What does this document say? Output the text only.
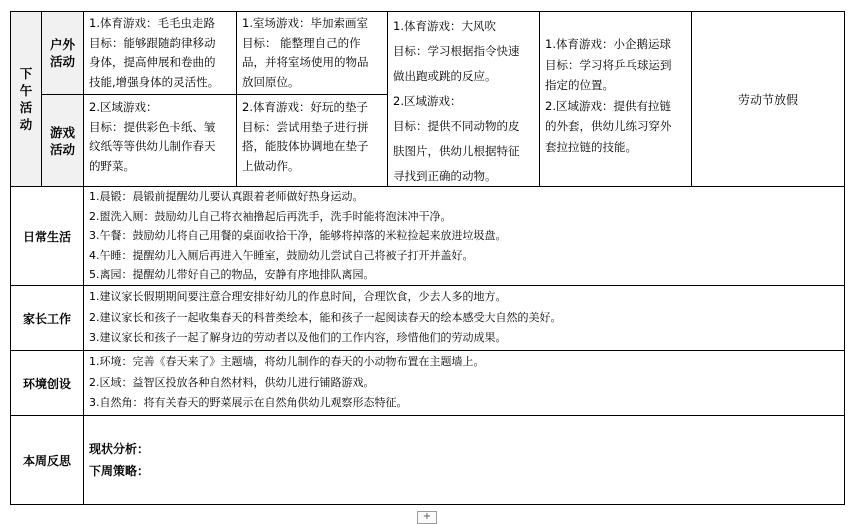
下
午
活
动
户外
活动
游戏
活动
1.体育游戏：毛毛虫走路
目标：能够跟随韵律移动
身体，提高伸展和卷曲的
技能,增强身体的灵活性。
2.区域游戏：
目标：提供彩色卡纸、皱
纹纸等等供幼儿制作春天
的野菜。
1.室场游戏：毕加索画室
目标： 能整理自己的作
品，并将室场使用的物品
放回原位。
2.体育游戏：好玩的垫子
目标：尝试用垫子进行拼
搭，能肢体协调地在垫子
上做动作。
1.体育游戏：大风吹
目标：学习根据指令快速
做出跑或跳的反应。
2.区域游戏：
目标：提供不同动物的皮
肤图片，供幼儿根据特征
寻找到正确的动物。
1.体育游戏：小企鹅运球
目标：学习将乒乓球运到
指定的位置。
2.区域游戏：提供有拉链
的外套，供幼儿练习穿外
套拉拉链的技能。
劳动节放假
日常生活
1.晨锻：晨锻前提醒幼儿要认真跟着老师做好热身运动。
2.盥洗入厕：鼓励幼儿自己将衣袖撸起后再洗手，洗手时能将泡沫冲干净。
3.午餐：鼓励幼儿将自己用餐的桌面收拾干净，能够将掉落的米粒捡起来放进垃圾盘。
4.午睡：提醒幼儿入厕后再进入午睡室，鼓励幼儿尝试自己将被子打开并盖好。
5.离园：提醒幼儿带好自己的物品，安静有序地排队离园。
家长工作
1.建议家长假期期间要注意合理安排好幼儿的作息时间，合理饮食，少去人多的地方。
2.建议家长和孩子一起收集春天的科普类绘本，能和孩子一起阅读春天的绘本感受大自然的美好。
3.建议家长和孩子一起了解身边的劳动者以及他们的工作内容，珍惜他们的劳动成果。
环境创设
1.环境：完善《春天来了》主题墙，将幼儿制作的春天的小动物布置在主题墙上。
2.区域：益智区投放各种自然材料，供幼儿进行铺路游戏。
3.自然角：将有关春天的野菜展示在自然角供幼儿观察形态特征。
本周反思
现状分析：
下周策略：
+
